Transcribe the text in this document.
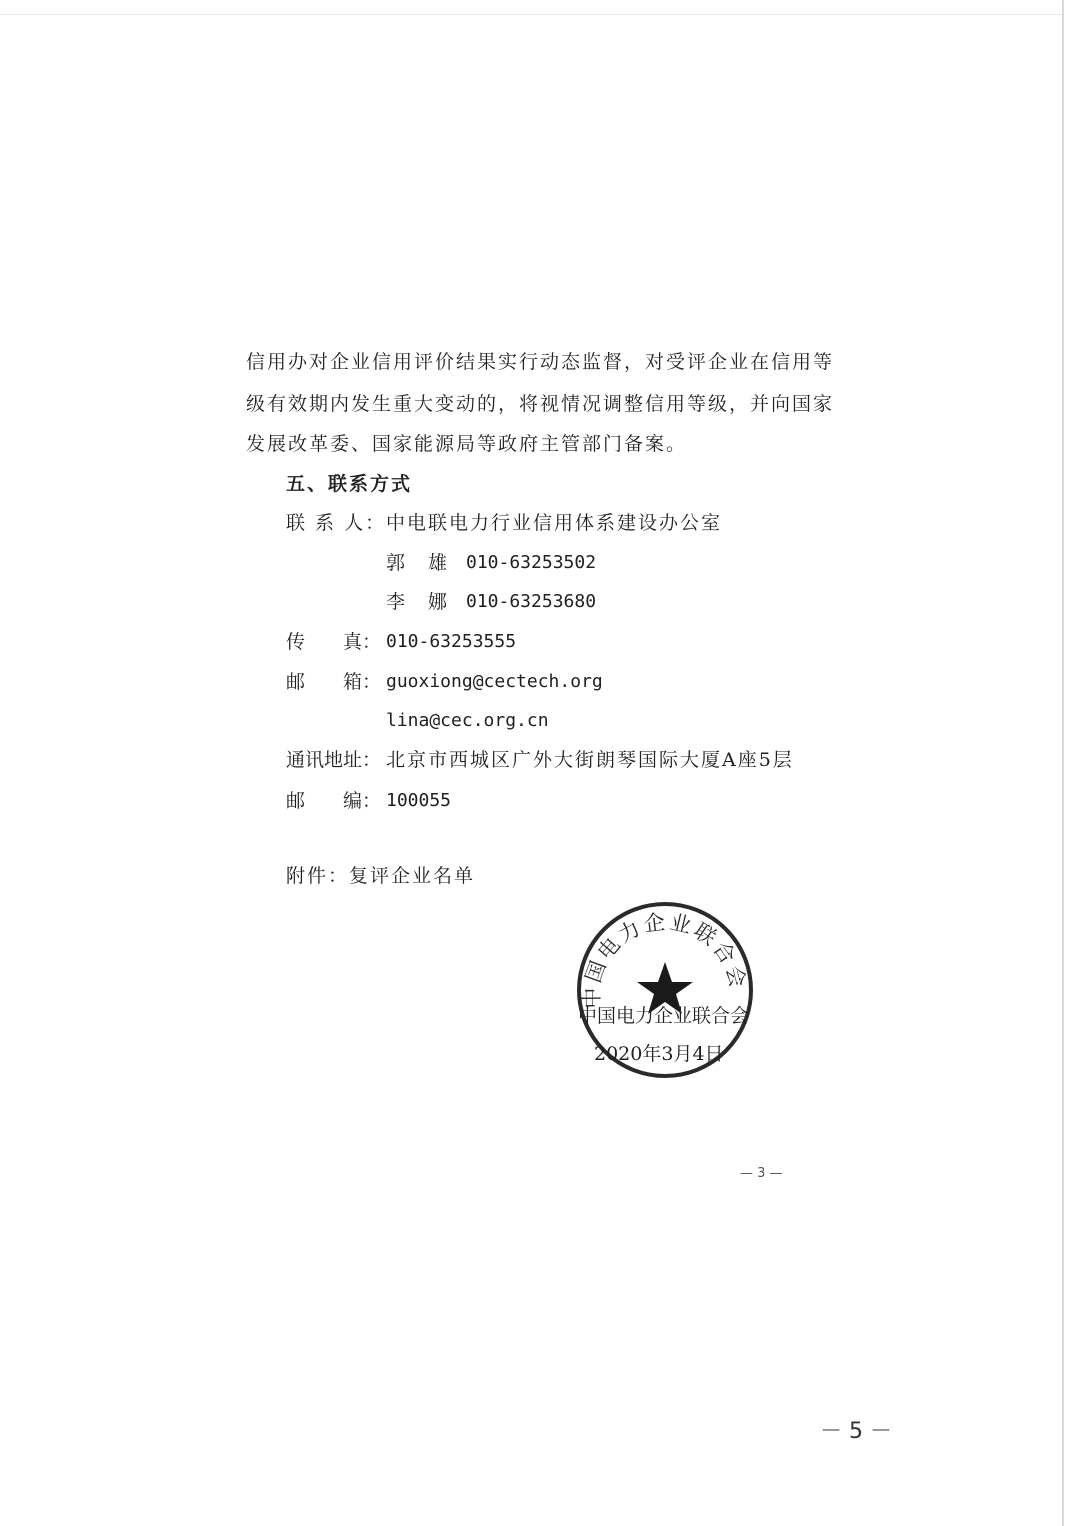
信用办对企业信用评价结果实行动态监督，对受评企业在信用等
级有效期内发生重大变动的，将视情况调整信用等级，并向国家
发展改革委、国家能源局等政府主管部门备案。
五、联系方式
联 系 人： 中电联电力行业信用体系建设办公室
郭　雄 010-63253502
李　娜 010-63253680
传　　真： 010-63253555
邮　　箱： guoxiong@cectech.org
lina@cec.org.cn
通讯地址： 北京市西城区广外大街朗琴国际大厦A座5层
邮　　编： 100055
附件：复评企业名单
中国电力企业联合会
中国电力企业联合会
2020年3月4日
— 3 —
－ 5 －
